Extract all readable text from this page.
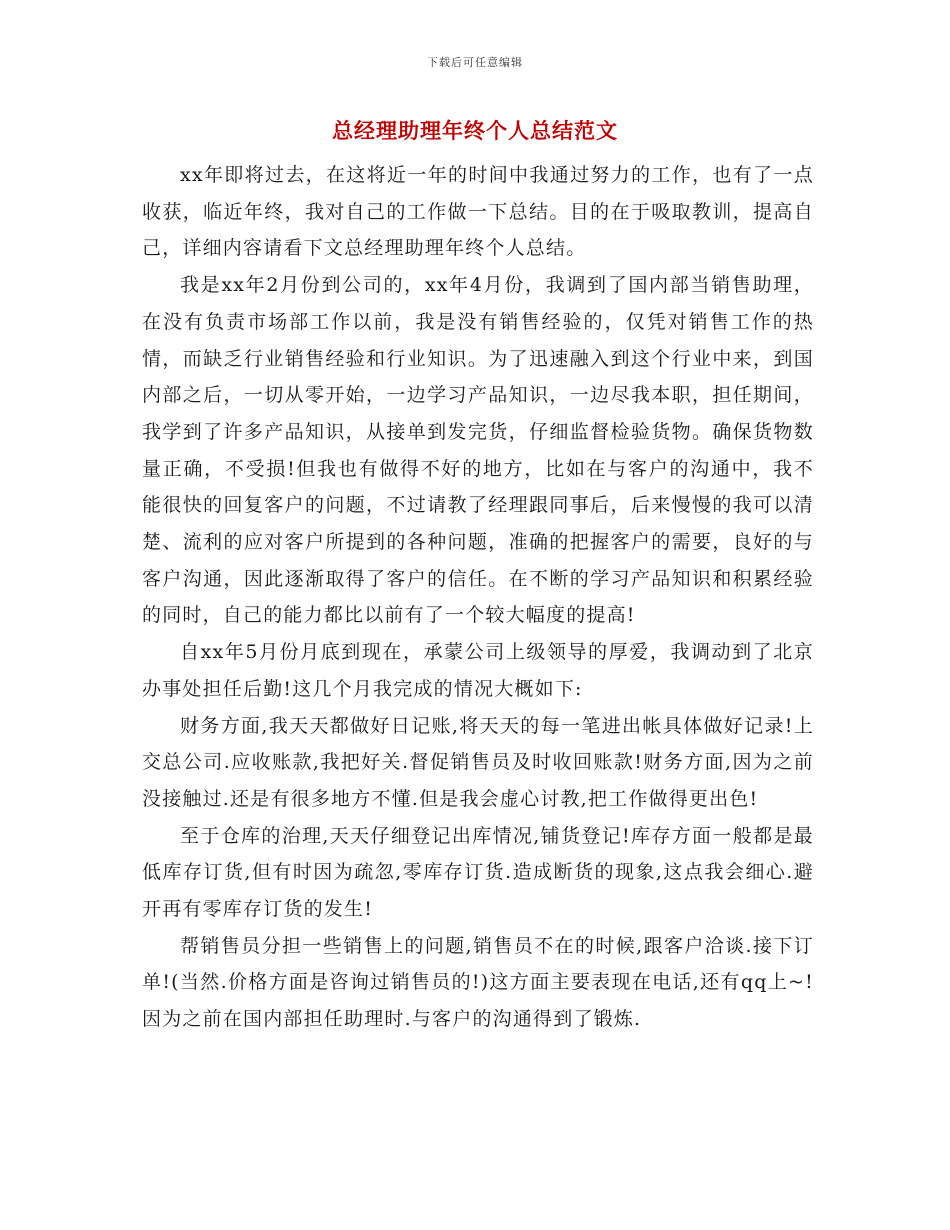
下载后可任意编辑
总经理助理年终个人总结范文

xx年即将过去，在这将近一年的时间中我通过努力的工作，也有了一点收获，临近年终，我对自己的工作做一下总结。目的在于吸取教训，提高自己，详细内容请看下文总经理助理年终个人总结。

我是xx年2月份到公司的，xx年4月份，我调到了国内部当销售助理，在没有负责市场部工作以前，我是没有销售经验的，仅凭对销售工作的热情，而缺乏行业销售经验和行业知识。为了迅速融入到这个行业中来，到国内部之后，一切从零开始，一边学习产品知识，一边尽我本职，担任期间，我学到了许多产品知识，从接单到发完货，仔细监督检验货物。确保货物数量正确，不受损!但我也有做得不好的地方，比如在与客户的沟通中，我不能很快的回复客户的问题，不过请教了经理跟同事后，后来慢慢的我可以清楚、流利的应对客户所提到的各种问题，准确的把握客户的需要，良好的与客户沟通，因此逐渐取得了客户的信任。在不断的学习产品知识和积累经验的同时，自己的能力都比以前有了一个较大幅度的提高!

自xx年5月份月底到现在，承蒙公司上级领导的厚爱，我调动到了北京办事处担任后勤!这几个月我完成的情况大概如下:

财务方面,我天天都做好日记账,将天天的每一笔进出帐具体做好记录!上交总公司.应收账款,我把好关.督促销售员及时收回账款!财务方面,因为之前没接触过.还是有很多地方不懂.但是我会虚心讨教,把工作做得更出色!

至于仓库的治理,天天仔细登记出库情况,铺货登记!库存方面一般都是最低库存订货,但有时因为疏忽,零库存订货.造成断货的现象,这点我会细心.避开再有零库存订货的发生!

帮销售员分担一些销售上的问题,销售员不在的时候,跟客户洽谈.接下订单!(当然.价格方面是咨询过销售员的!)这方面主要表现在电话,还有qq上~!因为之前在国内部担任助理时.与客户的沟通得到了锻炼.
